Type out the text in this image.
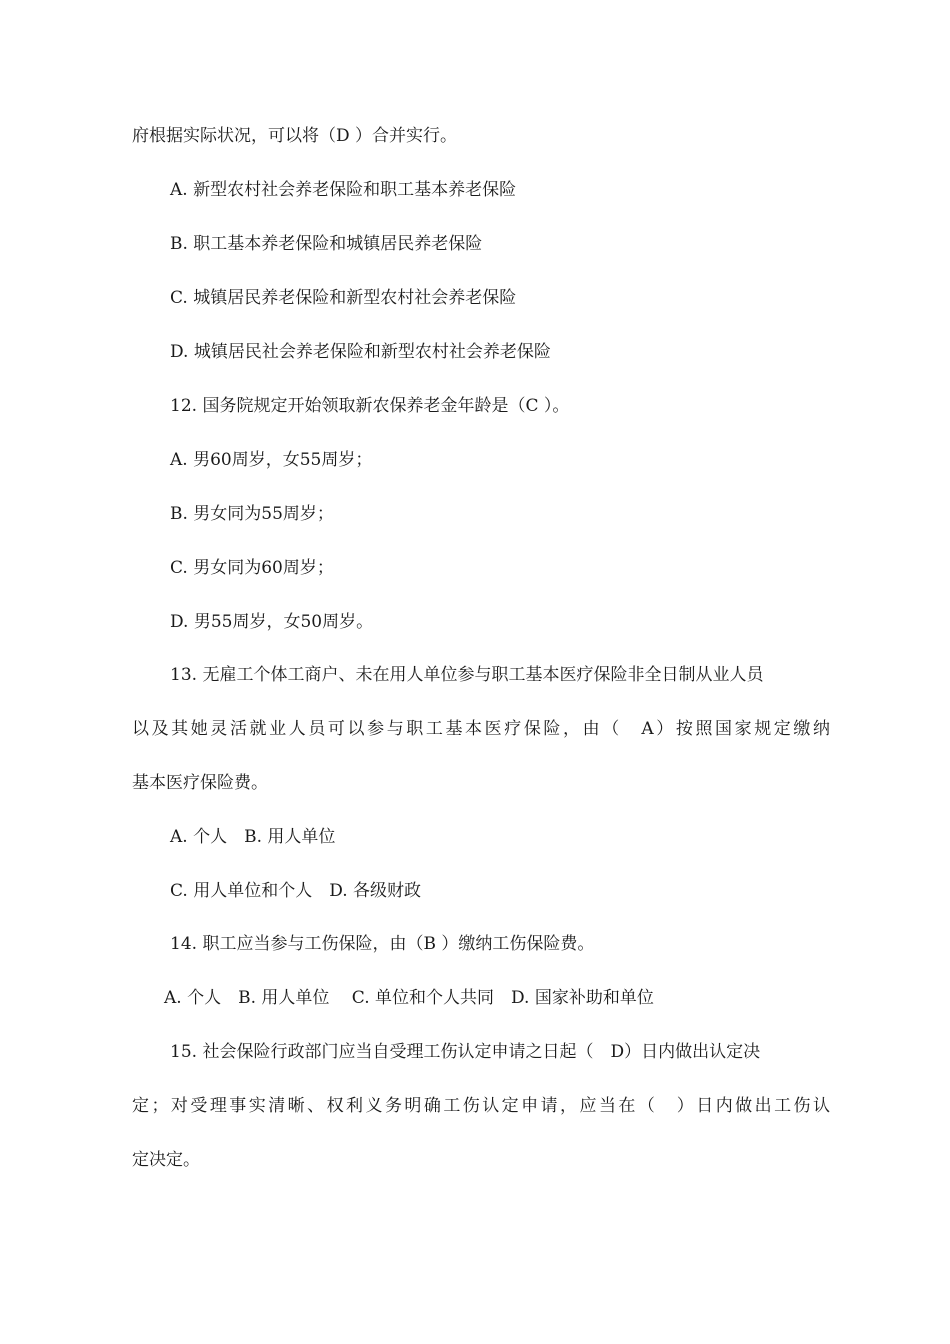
府根据实际状况，可以将（D ）合并实行。
A. 新型农村社会养老保险和职工基本养老保险
B. 职工基本养老保险和城镇居民养老保险
C. 城镇居民养老保险和新型农村社会养老保险
D. 城镇居民社会养老保险和新型农村社会养老保险
12. 国务院规定开始领取新农保养老金年龄是（C ）。
A. 男60周岁，女55周岁；
B. 男女同为55周岁；
C. 男女同为60周岁；
D. 男55周岁，女50周岁。
13. 无雇工个体工商户、未在用人单位参与职工基本医疗保险非全日制从业人员
以及其她灵活就业人员可以参与职工基本医疗保险，由（　A）按照国家规定缴纳
基本医疗保险费。
A. 个人　B. 用人单位
C. 用人单位和个人　D. 各级财政
14. 职工应当参与工伤保险，由（B ）缴纳工伤保险费。
A. 个人　B. 用人单位　 C. 单位和个人共同　D. 国家补助和单位
15. 社会保险行政部门应当自受理工伤认定申请之日起（　D）日内做出认定决
定；对受理事实清晰、权利义务明确工伤认定申请，应当在（　）日内做出工伤认
定决定。
